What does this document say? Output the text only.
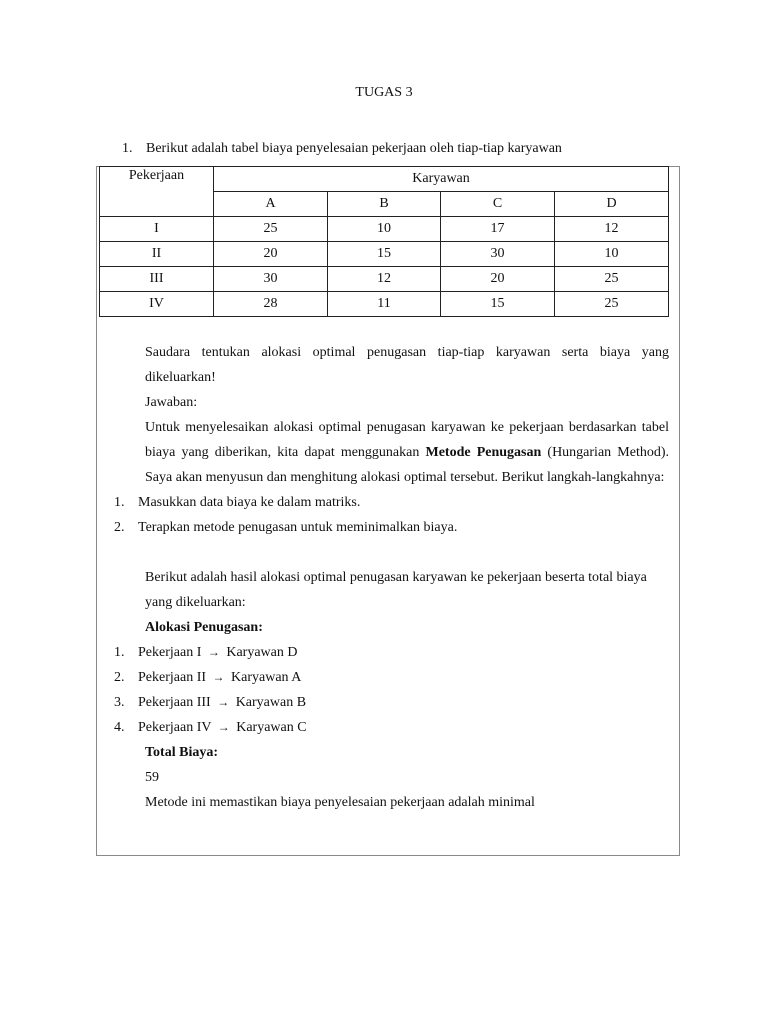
TUGAS 3
1. Berikut adalah tabel biaya penyelesaian pekerjaan oleh tiap-tiap karyawan
Pekerjaan	Karyawan			
	A	B	C	D
I	25	10	17	12
II	20	15	30	10
III	30	12	20	25
IV	28	11	15	25
Saudara tentukan alokasi optimal penugasan tiap-tiap karyawan serta biaya yang dikeluarkan!
Jawaban:
Untuk menyelesaikan alokasi optimal penugasan karyawan ke pekerjaan berdasarkan tabel biaya yang diberikan, kita dapat menggunakan Metode Penugasan (Hungarian Method). Saya akan menyusun dan menghitung alokasi optimal tersebut. Berikut langkah-langkahnya:
1. Masukkan data biaya ke dalam matriks.
2. Terapkan metode penugasan untuk meminimalkan biaya.
Berikut adalah hasil alokasi optimal penugasan karyawan ke pekerjaan beserta total biaya yang dikeluarkan:
Alokasi Penugasan:
1. Pekerjaan I → Karyawan D
2. Pekerjaan II → Karyawan A
3. Pekerjaan III → Karyawan B
4. Pekerjaan IV → Karyawan C
Total Biaya:
59
Metode ini memastikan biaya penyelesaian pekerjaan adalah minimal
